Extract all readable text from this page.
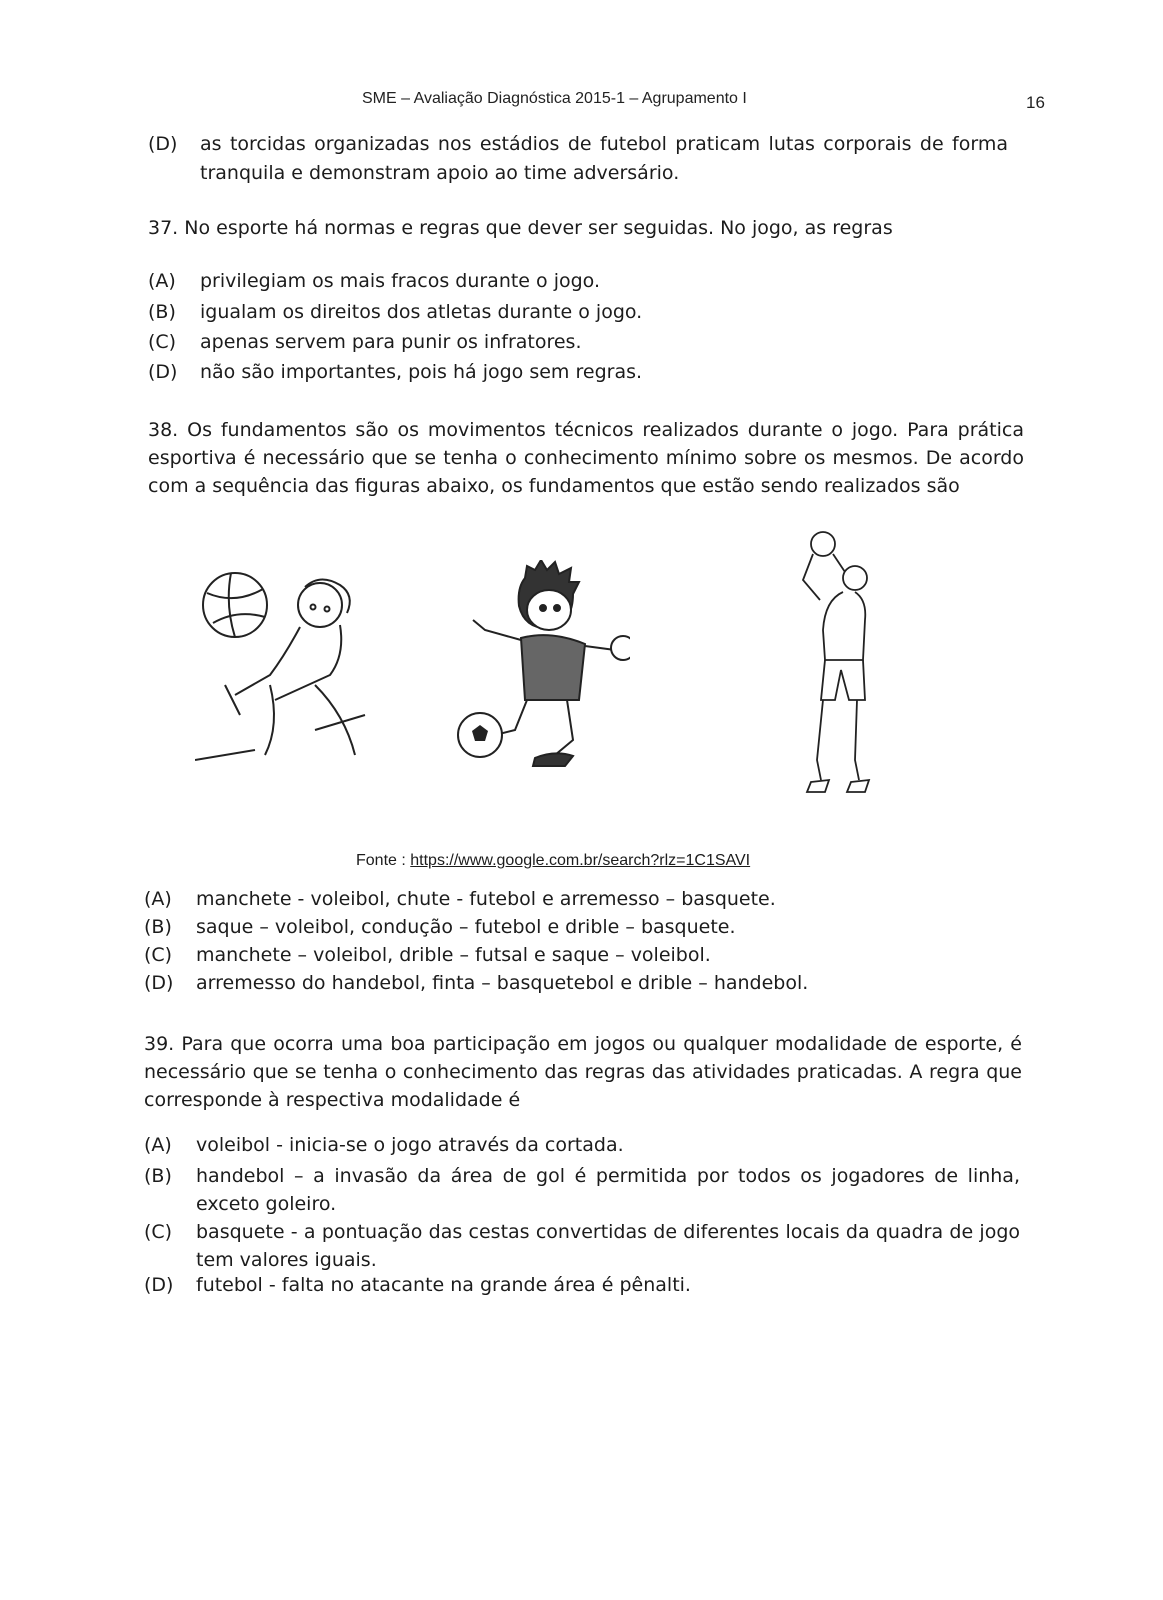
SME – Avaliação Diagnóstica 2015-1 – Agrupamento I	16
(D)	as torcidas organizadas nos estádios de futebol praticam lutas corporais de forma tranquila e demonstram apoio ao time adversário.
37. No esporte há normas e regras que dever ser seguidas. No jogo, as regras
(A)	privilegiam os mais fracos durante o jogo.
(B)	igualam os direitos dos atletas durante o jogo.
(C)	apenas servem para punir os infratores.
(D)	não são importantes, pois há jogo sem regras.
38. Os fundamentos são os movimentos técnicos realizados durante o jogo. Para prática esportiva é necessário que se tenha o conhecimento mínimo sobre os mesmos. De acordo com a sequência das figuras abaixo, os fundamentos que estão sendo realizados são
Fonte : https://www.google.com.br/search?rlz=1C1SAVI
(A)	manchete - voleibol, chute - futebol e arremesso – basquete.
(B)	saque – voleibol, condução – futebol e drible – basquete.
(C)	manchete – voleibol, drible – futsal e saque – voleibol.
(D)	arremesso do handebol, finta – basquetebol e drible – handebol.
39. Para que ocorra uma boa participação em jogos ou qualquer modalidade de esporte, é necessário que se tenha o conhecimento das regras das atividades praticadas. A regra que corresponde à respectiva modalidade é
(A)	voleibol - inicia-se o jogo através da cortada.
(B)	handebol – a invasão da área de gol é permitida por todos os jogadores de linha, exceto goleiro.
(C)	basquete - a pontuação das cestas convertidas de diferentes locais da quadra de jogo tem valores iguais.
(D)	futebol - falta no atacante na grande área é pênalti.
